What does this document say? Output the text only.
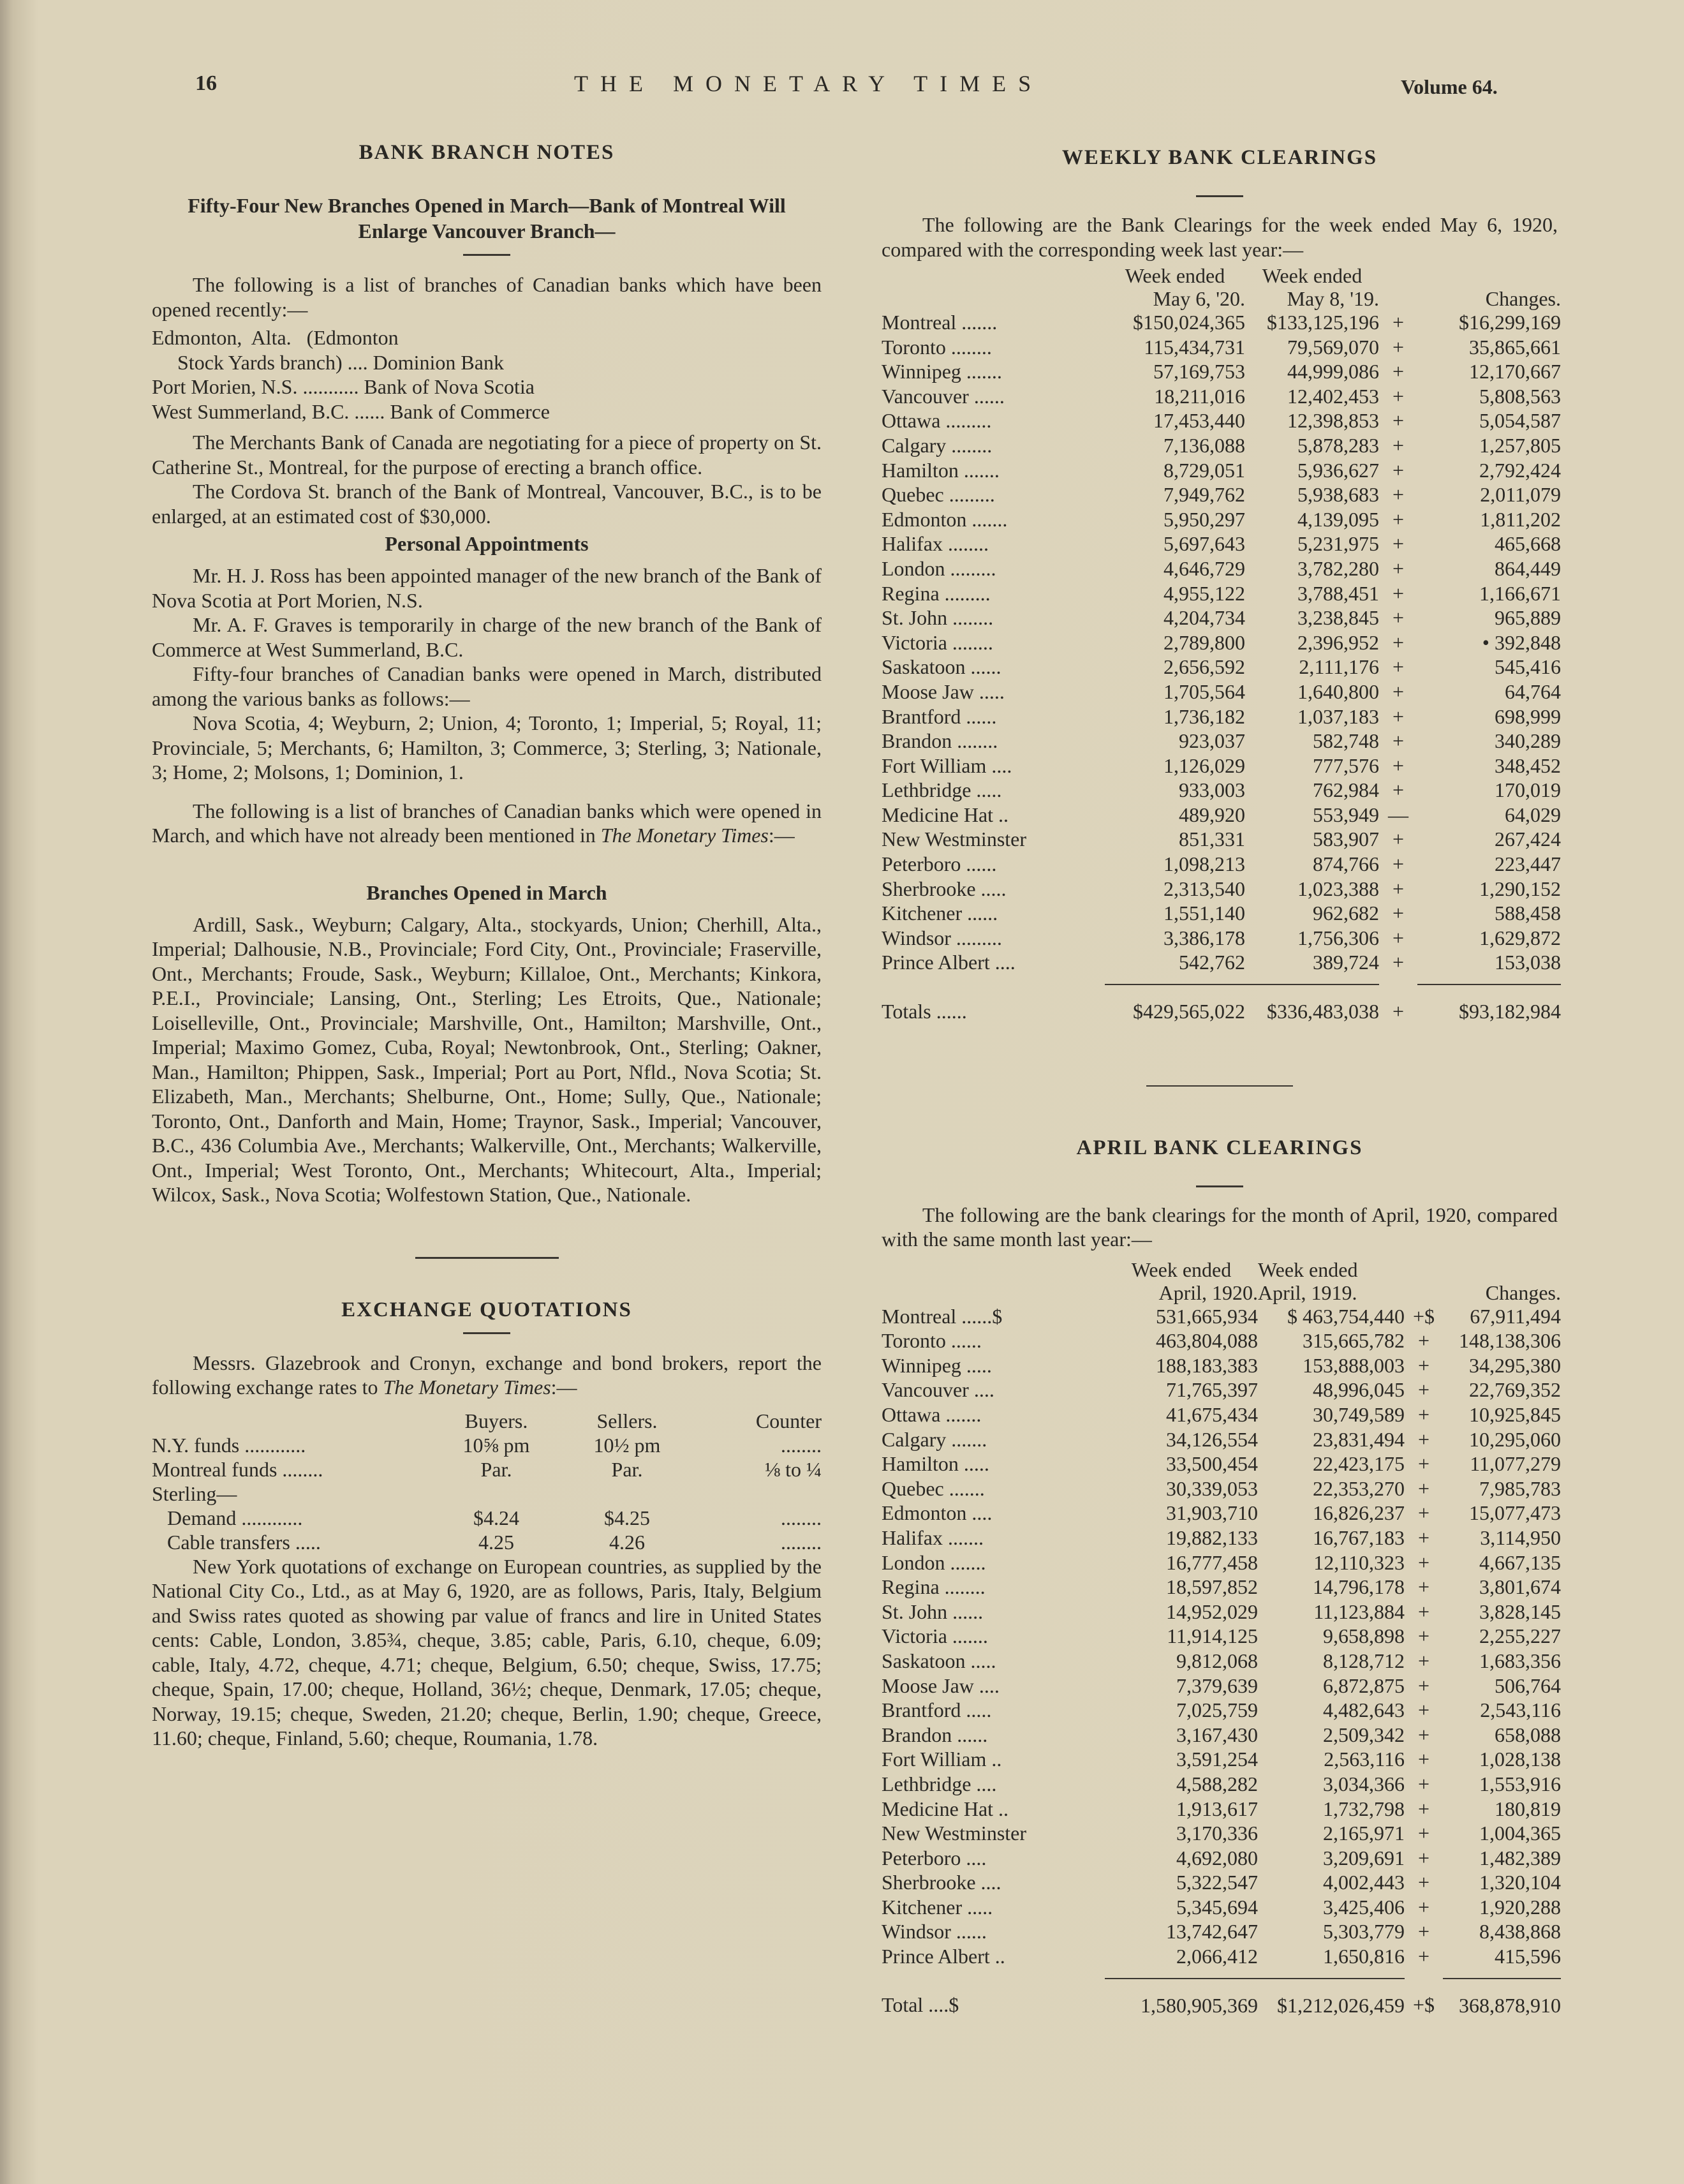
16	THE MONETARY TIMES	Volume 64.
BANK BRANCH NOTES
Fifty-Four New Branches Opened in March—Bank of Montreal Will Enlarge Vancouver Branch—

The following is a list of branches of Canadian banks which have been opened recently:—

Edmonton,  Alta.   (Edmonton
Stock Yards branch) .... Dominion Bank
Port Morien, N.S. ........... Bank of Nova Scotia
West Summerland, B.C. ...... Bank of Commerce

The Merchants Bank of Canada are negotiating for a piece of property on St. Catherine St., Montreal, for the purpose of erecting a branch office.

The Cordova St. branch of the Bank of Montreal, Vancouver, B.C., is to be enlarged, at an estimated cost of $30,000.

Personal Appointments

Mr. H. J. Ross has been appointed manager of the new branch of the Bank of Nova Scotia at Port Morien, N.S.

Mr. A. F. Graves is temporarily in charge of the new branch of the Bank of Commerce at West Summerland, B.C.

Fifty-four branches of Canadian banks were opened in March, distributed among the various banks as follows:—

Nova Scotia, 4; Weyburn, 2; Union, 4; Toronto, 1; Imperial, 5; Royal, 11; Provinciale, 5; Merchants, 6; Hamilton, 3; Commerce, 3; Sterling, 3; Nationale, 3; Home, 2; Molsons, 1; Dominion, 1.

The following is a list of branches of Canadian banks which were opened in March, and which have not already been mentioned in The Monetary Times:—

Branches Opened in March

Ardill, Sask., Weyburn; Calgary, Alta., stockyards, Union; Cherhill, Alta., Imperial; Dalhousie, N.B., Provinciale; Ford City, Ont., Provinciale; Fraserville, Ont., Merchants; Froude, Sask., Weyburn; Killaloe, Ont., Merchants; Kinkora, P.E.I., Provinciale; Lansing, Ont., Sterling; Les Etroits, Que., Nationale; Loiselleville, Ont., Provinciale; Marshville, Ont., Hamilton; Marshville, Ont., Imperial; Maximo Gomez, Cuba, Royal; Newtonbrook, Ont., Sterling; Oakner, Man., Hamilton; Phippen, Sask., Imperial; Port au Port, Nfld., Nova Scotia; St. Elizabeth, Man., Merchants; Shelburne, Ont., Home; Sully, Que., Nationale; Toronto, Ont., Danforth and Main, Home; Traynor, Sask., Imperial; Vancouver, B.C., 436 Columbia Ave., Merchants; Walkerville, Ont., Merchants; Walkerville, Ont., Imperial; West Toronto, Ont., Merchants; Whitecourt, Alta., Imperial; Wilcox, Sask., Nova Scotia; Wolfestown Station, Que., Nationale.

EXCHANGE QUOTATIONS

Messrs. Glazebrook and Cronyn, exchange and bond brokers, report the following exchange rates to The Monetary Times:—

	Buyers.	Sellers.	Counter
N.Y. funds ............	10⅝ pm	10½ pm	........
Montreal funds ........	Par.	Par.	⅛ to ¼
Sterling—			
Demand ............	$4.24	$4.25	........
Cable transfers .....	4.25	4.26	........

New York quotations of exchange on European countries, as supplied by the National City Co., Ltd., as at May 6, 1920, are as follows, Paris, Italy, Belgium and Swiss rates quoted as showing par value of francs and lire in United States cents: Cable, London, 3.85¾, cheque, 3.85; cable, Paris, 6.10, cheque, 6.09; cable, Italy, 4.72, cheque, 4.71; cheque, Belgium, 6.50; cheque, Swiss, 17.75; cheque, Spain, 17.00; cheque, Holland, 36½; cheque, Denmark, 17.05; cheque, Norway, 19.15; cheque, Sweden, 21.20; cheque, Berlin, 1.90; cheque, Greece, 11.60; cheque, Finland, 5.60; cheque, Roumania, 1.78.

WEEKLY BANK CLEARINGS

The following are the Bank Clearings for the week ended May 6, 1920, compared with the corresponding week last year:—

	Week ended	Week ended		
	May 6, '20.	May 8, '19.		Changes.
Montreal .......	$150,024,365	$133,125,196	+	$16,299,169
Toronto ........	115,434,731	79,569,070	+	35,865,661
Winnipeg .......	57,169,753	44,999,086	+	12,170,667
Vancouver ......	18,211,016	12,402,453	+	5,808,563
Ottawa .........	17,453,440	12,398,853	+	5,054,587
Calgary ........	7,136,088	5,878,283	+	1,257,805
Hamilton .......	8,729,051	5,936,627	+	2,792,424
Quebec .........	7,949,762	5,938,683	+	2,011,079
Edmonton .......	5,950,297	4,139,095	+	1,811,202
Halifax ........	5,697,643	5,231,975	+	465,668
London .........	4,646,729	3,782,280	+	864,449
Regina .........	4,955,122	3,788,451	+	1,166,671
St. John ........	4,204,734	3,238,845	+	965,889
Victoria ........	2,789,800	2,396,952	+	• 392,848
Saskatoon ......	2,656,592	2,111,176	+	545,416
Moose Jaw .....	1,705,564	1,640,800	+	64,764
Brantford ......	1,736,182	1,037,183	+	698,999
Brandon ........	923,037	582,748	+	340,289
Fort William ....	1,126,029	777,576	+	348,452
Lethbridge .....	933,003	762,984	+	170,019
Medicine Hat ..	489,920	553,949	—	64,029
New Westminster	851,331	583,907	+	267,424
Peterboro ......	1,098,213	874,766	+	223,447
Sherbrooke .....	2,313,540	1,023,388	+	1,290,152
Kitchener ......	1,551,140	962,682	+	588,458
Windsor .........	3,386,178	1,756,306	+	1,629,872
Prince Albert ....	542,762	389,724	+	153,038

Totals ......	$429,565,022	$336,483,038	+	$93,182,984
APRIL BANK CLEARINGS

The following are the bank clearings for the month of April, 1920, compared with the same month last year:—

	Week ended	Week ended		
	April, 1920.	April, 1919.		Changes.
Montreal ......$	531,665,934	$ 463,754,440	+$	67,911,494
Toronto ......	463,804,088	315,665,782	+	148,138,306
Winnipeg .....	188,183,383	153,888,003	+	34,295,380
Vancouver ....	71,765,397	48,996,045	+	22,769,352
Ottawa .......	41,675,434	30,749,589	+	10,925,845
Calgary .......	34,126,554	23,831,494	+	10,295,060
Hamilton .....	33,500,454	22,423,175	+	11,077,279
Quebec .......	30,339,053	22,353,270	+	7,985,783
Edmonton ....	31,903,710	16,826,237	+	15,077,473
Halifax .......	19,882,133	16,767,183	+	3,114,950
London .......	16,777,458	12,110,323	+	4,667,135
Regina ........	18,597,852	14,796,178	+	3,801,674
St. John ......	14,952,029	11,123,884	+	3,828,145
Victoria .......	11,914,125	9,658,898	+	2,255,227
Saskatoon .....	9,812,068	8,128,712	+	1,683,356
Moose Jaw ....	7,379,639	6,872,875	+	506,764
Brantford .....	7,025,759	4,482,643	+	2,543,116
Brandon ......	3,167,430	2,509,342	+	658,088
Fort William ..	3,591,254	2,563,116	+	1,028,138
Lethbridge ....	4,588,282	3,034,366	+	1,553,916
Medicine Hat ..	1,913,617	1,732,798	+	180,819
New Westminster	3,170,336	2,165,971	+	1,004,365
Peterboro ....	4,692,080	3,209,691	+	1,482,389
Sherbrooke ....	5,322,547	4,002,443	+	1,320,104
Kitchener .....	5,345,694	3,425,406	+	1,920,288
Windsor ......	13,742,647	5,303,779	+	8,438,868
Prince Albert ..	2,066,412	1,650,816	+	415,596

Total ....$	1,580,905,369	$1,212,026,459	+$	368,878,910
